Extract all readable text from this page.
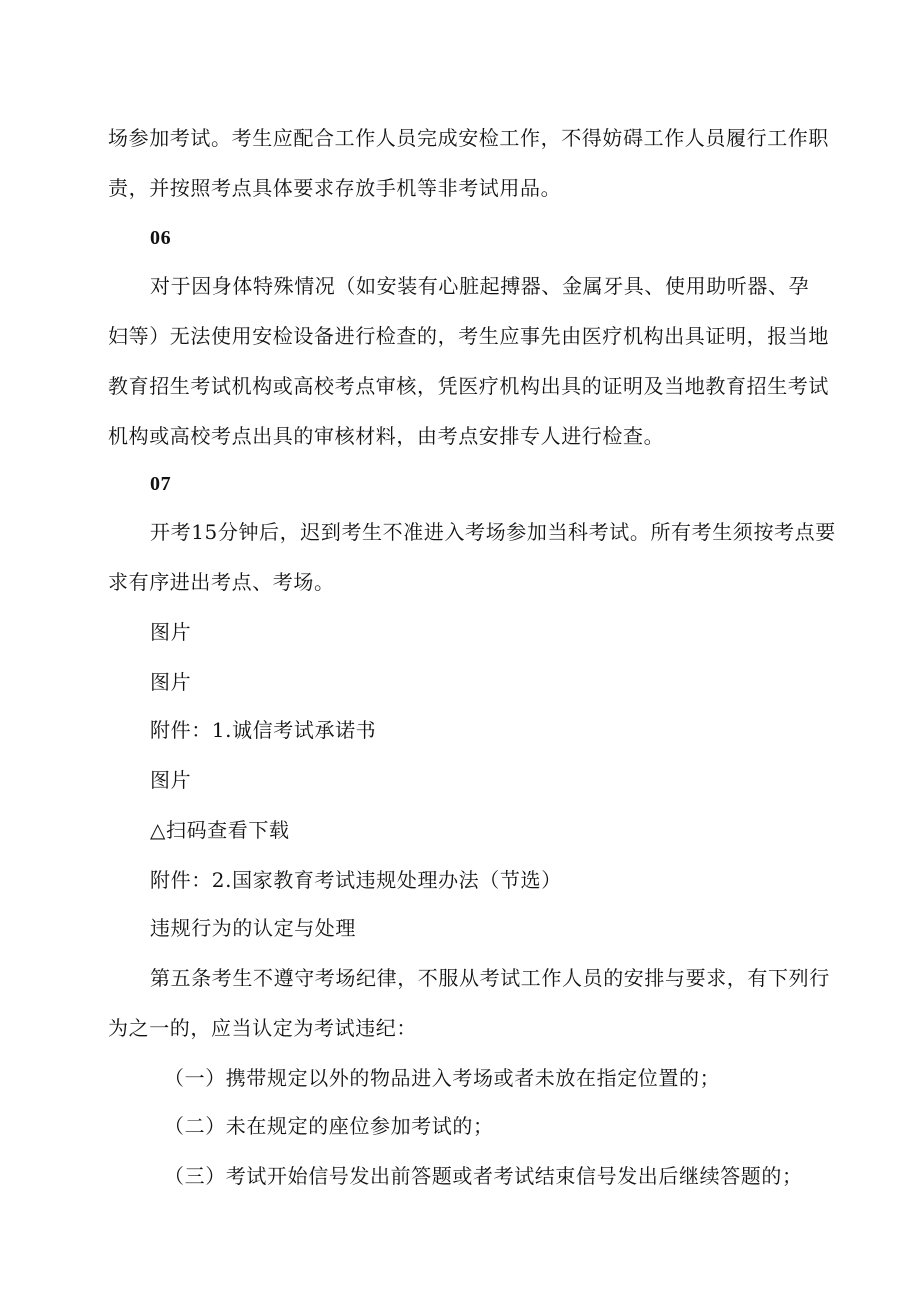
场参加考试。考生应配合工作人员完成安检工作，不得妨碍工作人员履行工作职
责，并按照考点具体要求存放手机等非考试用品。
06
对于因身体特殊情况（如安装有心脏起搏器、金属牙具、使用助听器、孕
妇等）无法使用安检设备进行检查的，考生应事先由医疗机构出具证明，报当地
教育招生考试机构或高校考点审核，凭医疗机构出具的证明及当地教育招生考试
机构或高校考点出具的审核材料，由考点安排专人进行检查。
07
开考15分钟后，迟到考生不准进入考场参加当科考试。所有考生须按考点要
求有序进出考点、考场。
图片
图片
附件：1.诚信考试承诺书
图片
△扫码查看下载
附件：2.国家教育考试违规处理办法（节选）
违规行为的认定与处理
第五条考生不遵守考场纪律，不服从考试工作人员的安排与要求，有下列行
为之一的，应当认定为考试违纪：
（一）携带规定以外的物品进入考场或者未放在指定位置的；
（二）未在规定的座位参加考试的；
（三）考试开始信号发出前答题或者考试结束信号发出后继续答题的；
